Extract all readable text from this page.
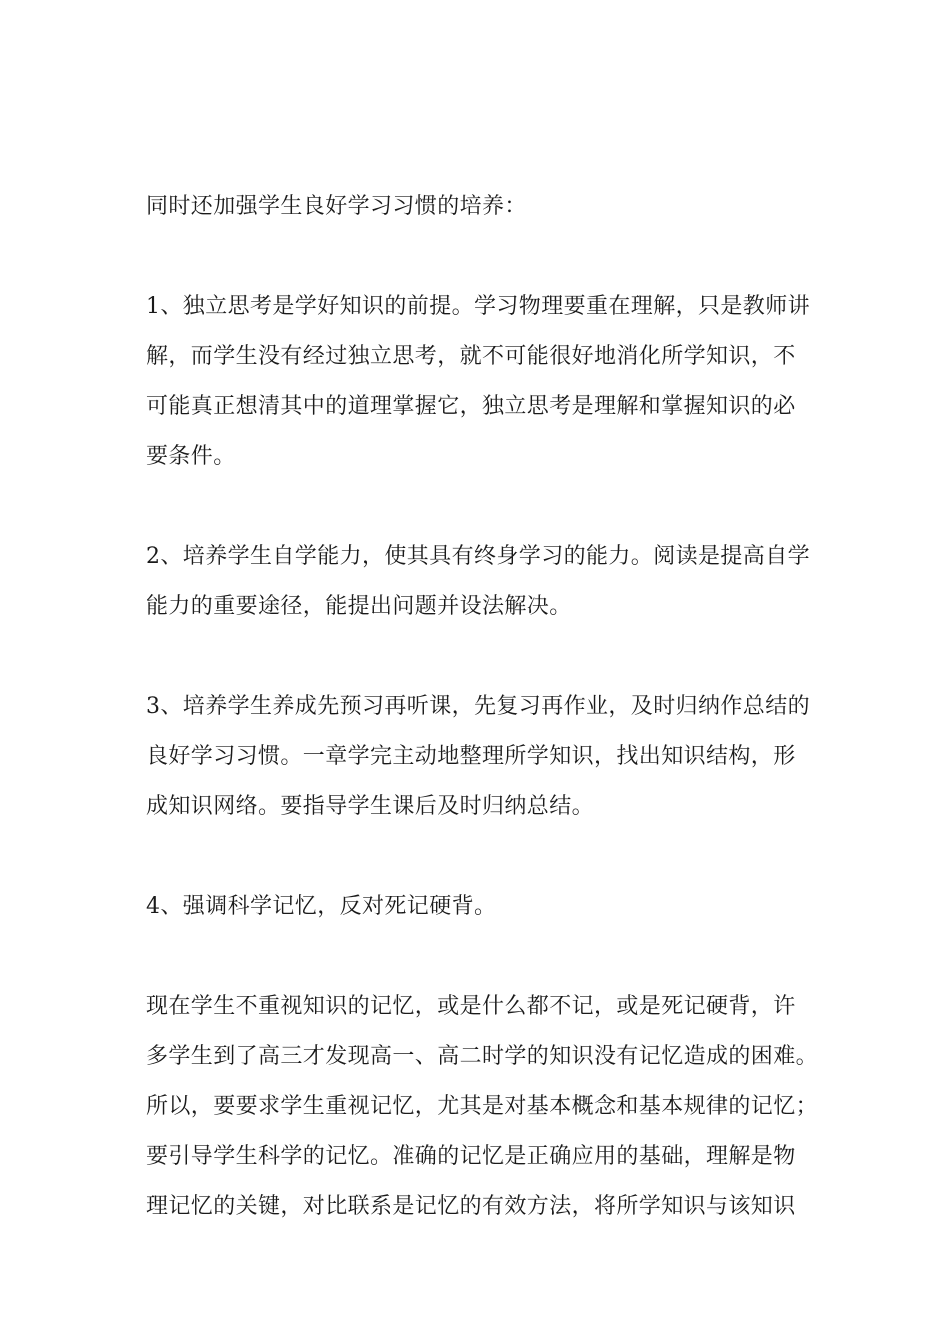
同时还加强学生良好学习习惯的培养：

1、独立思考是学好知识的前提。学习物理要重在理解，只是教师讲
解，而学生没有经过独立思考，就不可能很好地消化所学知识，不
可能真正想清其中的道理掌握它，独立思考是理解和掌握知识的必
要条件。

2、培养学生自学能力，使其具有终身学习的能力。阅读是提高自学
能力的重要途径，能提出问题并设法解决。

3、培养学生养成先预习再听课，先复习再作业，及时归纳作总结的
良好学习习惯。一章学完主动地整理所学知识，找出知识结构，形
成知识网络。要指导学生课后及时归纳总结。

4、强调科学记忆，反对死记硬背。

现在学生不重视知识的记忆，或是什么都不记，或是死记硬背，许
多学生到了高三才发现高一、高二时学的知识没有记忆造成的困难。
所以，要要求学生重视记忆，尤其是对基本概念和基本规律的记忆；
要引导学生科学的记忆。准确的记忆是正确应用的基础，理解是物
理记忆的关键，对比联系是记忆的有效方法，将所学知识与该知识
